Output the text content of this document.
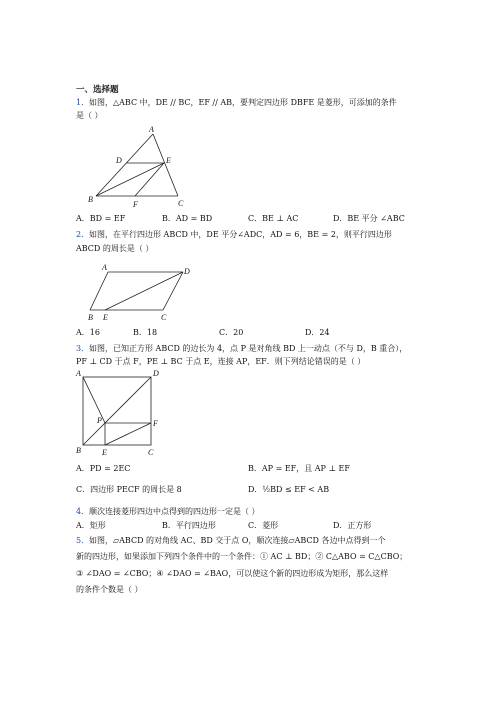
一、选择题
1． 如图，△ABC 中，DE // BC，EF // AB，要判定四边形 DBFE 是菱形，可添加的条件
是（ ）
A
D	E
B
F	C
A．BD = EF	B．AD = BD	C．BE ⊥ AC	D．BE 平分 ∠ABC
2． 如图，在平行四边形 ABCD 中，DE 平分∠ADC，AD = 6，BE = 2，则平行四边形
ABCD 的周长是（ ）
A	D
B E	C
A．16	B．18	C．20	D．24
3． 如图，已知正方形 ABCD 的边长为 4，点 P 是对角线 BD 上一动点（不与 D，B 重合），
PF ⊥ CD 于点 F，PE ⊥ BC 于点 E，连接 AP，EF．则下列结论错误的是（ ）
A	D
P	F
B	E	C
A．PD = 2EC	B．AP = EF，且 AP ⊥ EF
C．四边形 PECF 的周长是 8	D．½BD ≤ EF < AB
4． 顺次连接菱形四边中点得到的四边形一定是（ ）
A．矩形	B．平行四边形	C．菱形	D．正方形
5． 如图，▱ABCD 的对角线 AC、BD 交于点 O，顺次连接▱ABCD 各边中点得到一个
新的四边形，如果添加下列四个条件中的一个条件：① AC ⊥ BD；② C△ABO = C△CBO；
③ ∠DAO = ∠CBO；④ ∠DAO = ∠BAO，可以使这个新的四边形成为矩形，那么这样
的条件个数是（ ）
